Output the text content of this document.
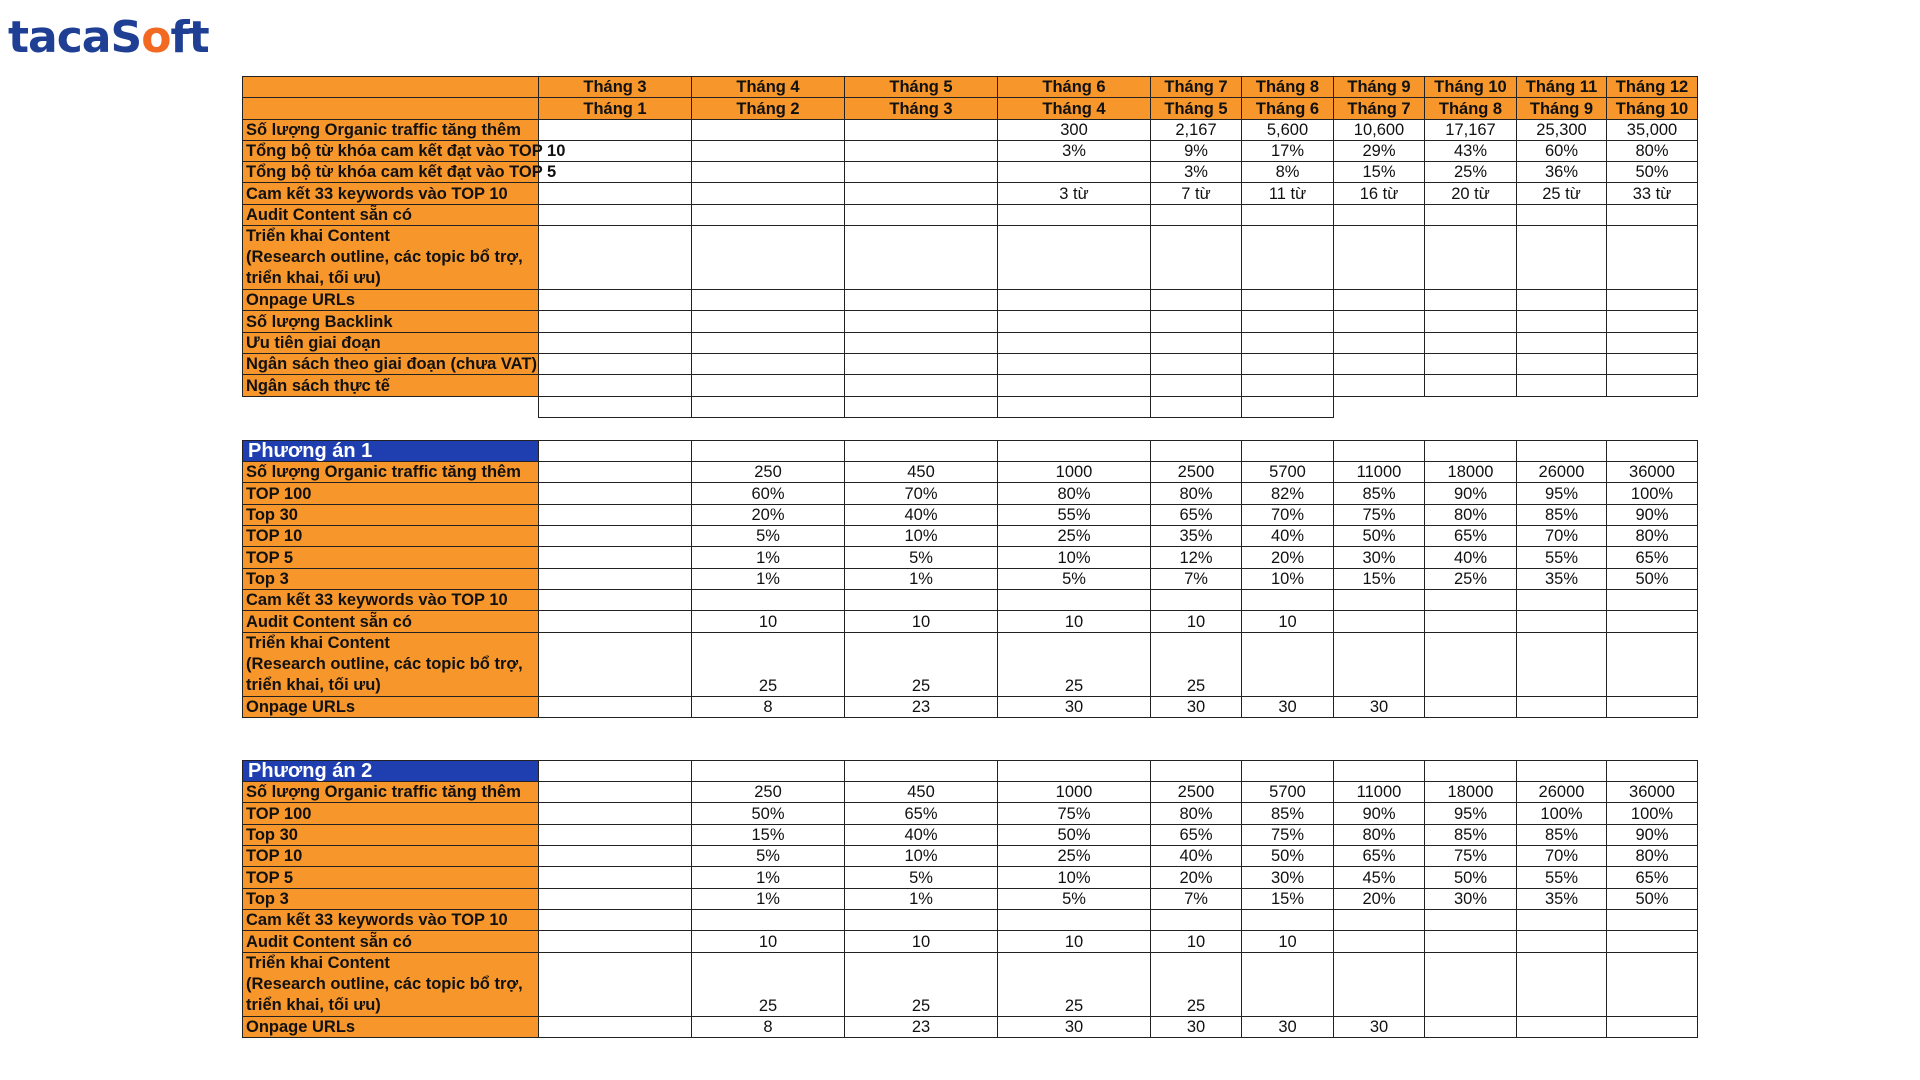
tacaSoft
	Tháng 3	Tháng 4	Tháng 5	Tháng 6	Tháng 7	Tháng 8	Tháng 9	Tháng 10	Tháng 11	Tháng 12
	Tháng 1	Tháng 2	Tháng 3	Tháng 4	Tháng 5	Tháng 6	Tháng 7	Tháng 8	Tháng 9	Tháng 10
Số lượng Organic traffic tăng thêm				300	2,167	5,600	10,600	17,167	25,300	35,000
Tổng bộ từ khóa cam kết đạt vào TOP 10				3%	9%	17%	29%	43%	60%	80%
Tổng bộ từ khóa cam kết đạt vào TOP 5					3%	8%	15%	25%	36%	50%
Cam kết 33 keywords vào TOP 10				3 từ	7 từ	11 từ	16 từ	20 từ	25 từ	33 từ
Audit Content sẵn có										
Triển khai Content
(Research outline, các topic bổ trợ,
triển khai, tối ưu)										
Onpage URLs										
Số lượng Backlink										
Ưu tiên giai đoạn										
Ngân sách theo giai đoạn (chưa VAT)										
Ngân sách thực tế										

Phương án 1										
Số lượng Organic traffic tăng thêm		250	450	1000	2500	5700	11000	18000	26000	36000
TOP 100		60%	70%	80%	80%	82%	85%	90%	95%	100%
Top 30		20%	40%	55%	65%	70%	75%	80%	85%	90%
TOP 10		5%	10%	25%	35%	40%	50%	65%	70%	80%
TOP 5		1%	5%	10%	12%	20%	30%	40%	55%	65%
Top 3		1%	1%	5%	7%	10%	15%	25%	35%	50%
Cam kết 33 keywords vào TOP 10										
Audit Content sẵn có		10	10	10	10	10				
Triển khai Content
(Research outline, các topic bổ trợ,
triển khai, tối ưu)		25	25	25	25					
Onpage URLs		8	23	30	30	30	30			
Phương án 2										
Số lượng Organic traffic tăng thêm		250	450	1000	2500	5700	11000	18000	26000	36000
TOP 100		50%	65%	75%	80%	85%	90%	95%	100%	100%
Top 30		15%	40%	50%	65%	75%	80%	85%	85%	90%
TOP 10		5%	10%	25%	40%	50%	65%	75%	70%	80%
TOP 5		1%	5%	10%	20%	30%	45%	50%	55%	65%
Top 3		1%	1%	5%	7%	15%	20%	30%	35%	50%
Cam kết 33 keywords vào TOP 10										
Audit Content sẵn có		10	10	10	10	10				
Triển khai Content
(Research outline, các topic bổ trợ,
triển khai, tối ưu)		25	25	25	25					
Onpage URLs		8	23	30	30	30	30			
